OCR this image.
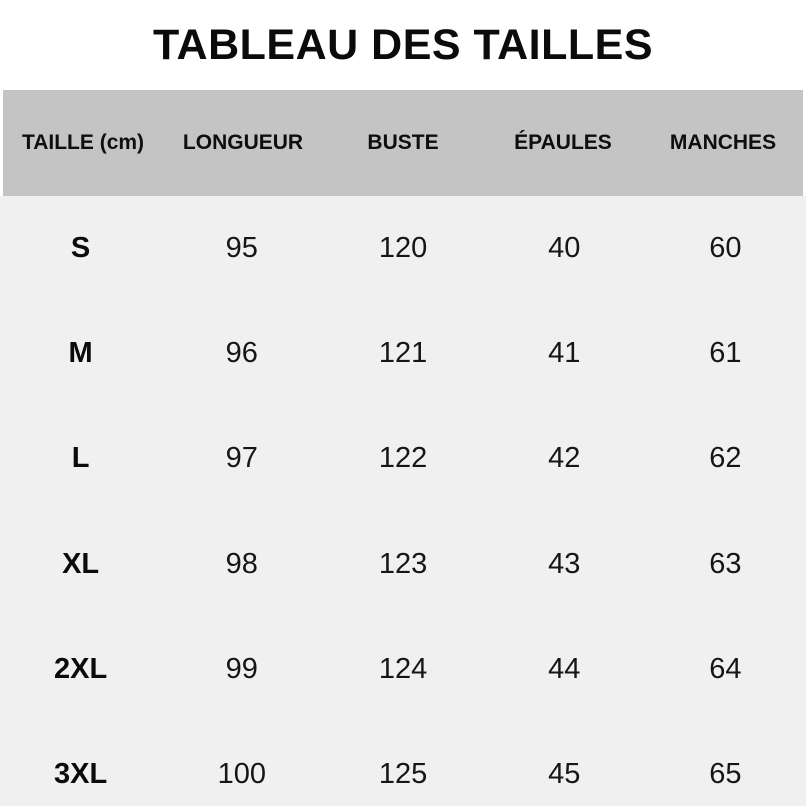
TABLEAU DES TAILLES
TAILLE (cm)	LONGUEUR	BUSTE	ÉPAULES	MANCHES
S	95	120	40	60
M	96	121	41	61
L	97	122	42	62
XL	98	123	43	63
2XL	99	124	44	64
3XL	100	125	45	65
